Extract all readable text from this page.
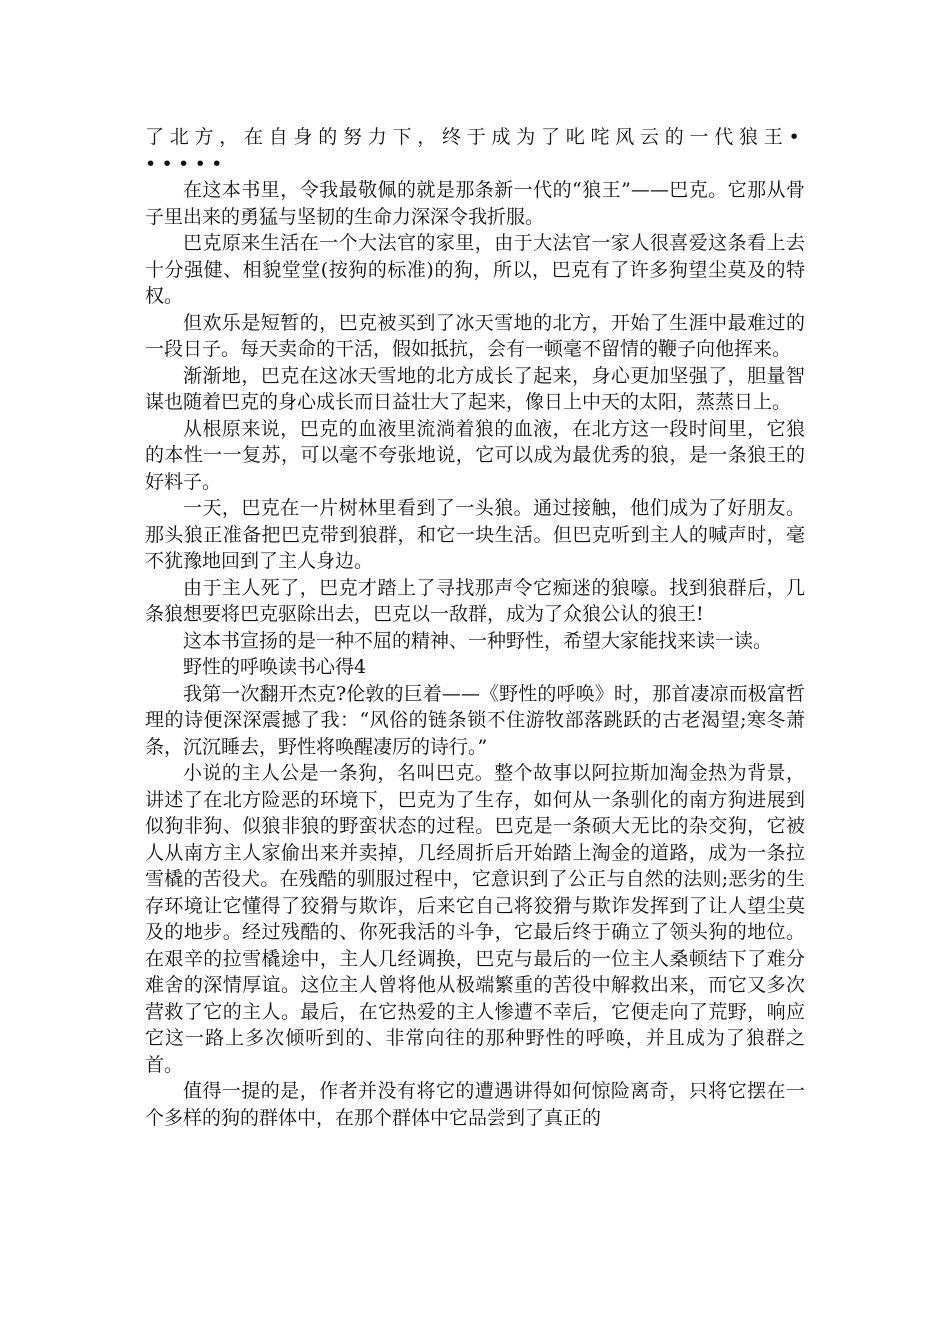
了北方，在自身的努力下，终于成为了叱咤风云的一代狼王••••••

在这本书里，令我最敬佩的就是那条新一代的“狼王”——巴克。它那从骨子里出来的勇猛与坚韧的生命力深深令我折服。

巴克原来生活在一个大法官的家里，由于大法官一家人很喜爱这条看上去十分强健、相貌堂堂(按狗的标准)的狗，所以，巴克有了许多狗望尘莫及的特权。

但欢乐是短暂的，巴克被买到了冰天雪地的北方，开始了生涯中最难过的一段日子。每天卖命的干活，假如抵抗，会有一顿毫不留情的鞭子向他挥来。

渐渐地，巴克在这冰天雪地的北方成长了起来，身心更加坚强了，胆量智谋也随着巴克的身心成长而日益壮大了起来，像日上中天的太阳，蒸蒸日上。

从根原来说，巴克的血液里流淌着狼的血液，在北方这一段时间里，它狼的本性一一复苏，可以毫不夸张地说，它可以成为最优秀的狼，是一条狼王的好料子。

一天，巴克在一片树林里看到了一头狼。通过接触，他们成为了好朋友。那头狼正准备把巴克带到狼群，和它一块生活。但巴克听到主人的喊声时，毫不犹豫地回到了主人身边。

由于主人死了，巴克才踏上了寻找那声令它痴迷的狼嚎。找到狼群后，几条狼想要将巴克驱除出去，巴克以一敌群，成为了众狼公认的狼王!

这本书宣扬的是一种不屈的精神、一种野性，希望大家能找来读一读。

野性的呼唤读书心得4

我第一次翻开杰克?伦敦的巨着——《野性的呼唤》时，那首凄凉而极富哲理的诗便深深震撼了我：“风俗的链条锁不住游牧部落跳跃的古老渴望;寒冬萧条，沉沉睡去，野性将唤醒凄厉的诗行。”

小说的主人公是一条狗，名叫巴克。整个故事以阿拉斯加淘金热为背景，讲述了在北方险恶的环境下，巴克为了生存，如何从一条驯化的南方狗进展到似狗非狗、似狼非狼的野蛮状态的过程。巴克是一条硕大无比的杂交狗，它被人从南方主人家偷出来并卖掉，几经周折后开始踏上淘金的道路，成为一条拉雪橇的苦役犬。在残酷的驯服过程中，它意识到了公正与自然的法则;恶劣的生存环境让它懂得了狡猾与欺诈，后来它自己将狡猾与欺诈发挥到了让人望尘莫及的地步。经过残酷的、你死我活的斗争，它最后终于确立了领头狗的地位。在艰辛的拉雪橇途中，主人几经调换，巴克与最后的一位主人桑顿结下了难分难舍的深情厚谊。这位主人曾将他从极端繁重的苦役中解救出来，而它又多次营救了它的主人。最后，在它热爱的主人惨遭不幸后，它便走向了荒野，响应它这一路上多次倾听到的、非常向往的那种野性的呼唤，并且成为了狼群之首。

值得一提的是，作者并没有将它的遭遇讲得如何惊险离奇，只将它摆在一个多样的狗的群体中，在那个群体中它品尝到了真正的
